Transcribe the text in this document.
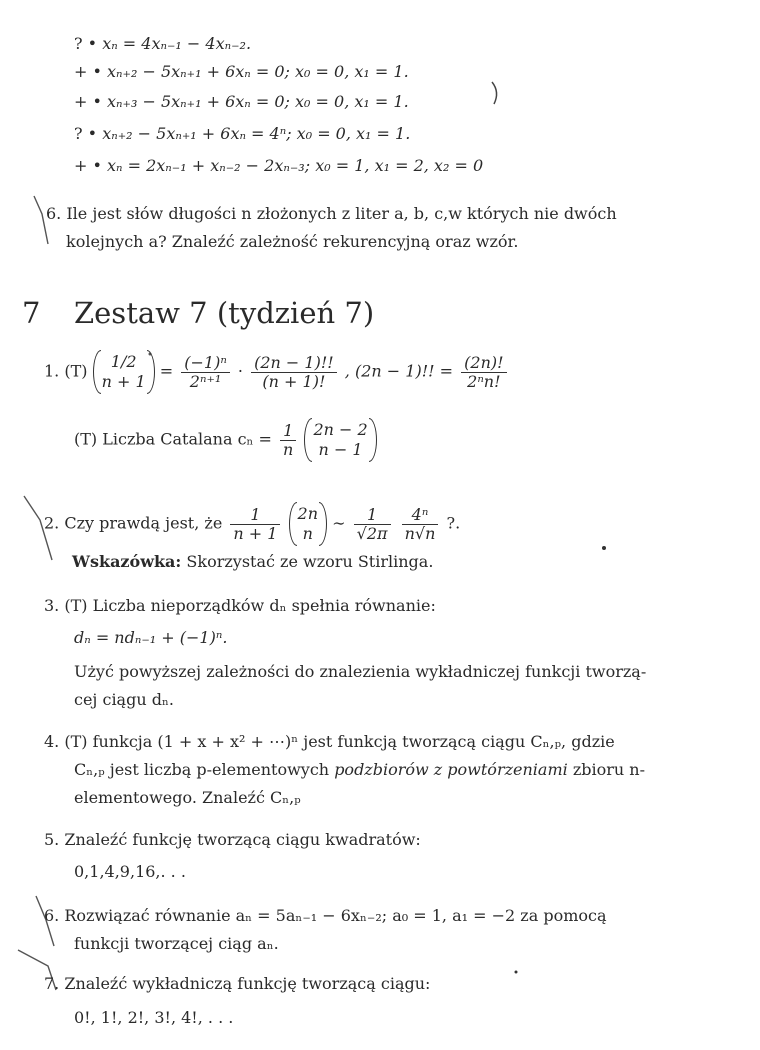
? • xₙ = 4xₙ₋₁ − 4xₙ₋₂.
+ • xₙ₊₂ − 5xₙ₊₁ + 6xₙ = 0; x₀ = 0, x₁ = 1.
+ • xₙ₊₃ − 5xₙ₊₁ + 6xₙ = 0; x₀ = 0, x₁ = 1.
? • xₙ₊₂ − 5xₙ₊₁ + 6xₙ = 4ⁿ; x₀ = 0, x₁ = 1.
+ • xₙ = 2xₙ₋₁ + xₙ₋₂ − 2xₙ₋₃; x₀ = 1, x₁ = 2, x₂ = 0
6. Ile jest słów długości n złożonych z liter a, b, c,w których nie dwóch
kolejnych a? Znaleźć zależność rekurencyjną oraz wzór.
7 Zestaw 7 (tydzień 7)
1. (T)	1/2
n + 1
= $\frac{\text{(−1)ⁿ}}{\text{2ⁿ⁺¹}} \cdot \frac{(2n - 1)!!}{(n + 1)!}$ , (2n − 1)!! = $\frac{(2n)!}{\text{2ⁿn!}}$
(T) Liczba Catalana $c_n = \frac{1}{n}$
2n − 2
n − 1
2. Czy prawdą jest, że $\frac{1}{n + 1}$
2n
n
∼ $\frac{1}{√2\pi}$
$\frac{\text{4ⁿ}}{n√n}$ ?.
Wskazówka: Skorzystać ze wzoru Stirlinga.
3. (T) Liczba nieporządków dₙ spełnia równanie:
dₙ = ndₙ₋₁ + (−1)ⁿ.
Użyć powyższej zależności do znalezienia wykładniczej funkcji tworzą-
cej ciągu dₙ.
4. (T) funkcja (1 + x + x² + ⋯)ⁿ jest funkcją tworzącą ciągu Cₙ,ₚ, gdzie
Cₙ,ₚ jest liczbą p-elementowych podzbiorów z powtórzeniami zbioru n-
elementowego. Znaleźć Cₙ,ₚ
5. Znaleźć funkcję tworzącą ciągu kwadratów:
0,1,4,9,16,. . .
6. Rozwiązać równanie aₙ = 5aₙ₋₁ − 6xₙ₋₂; a₀ = 1, a₁ = −2 za pomocą
funkcji tworzącej ciąg aₙ.
7. Znaleźć wykładniczą funkcję tworzącą ciągu:
0!, 1!, 2!, 3!, 4!, . . .
